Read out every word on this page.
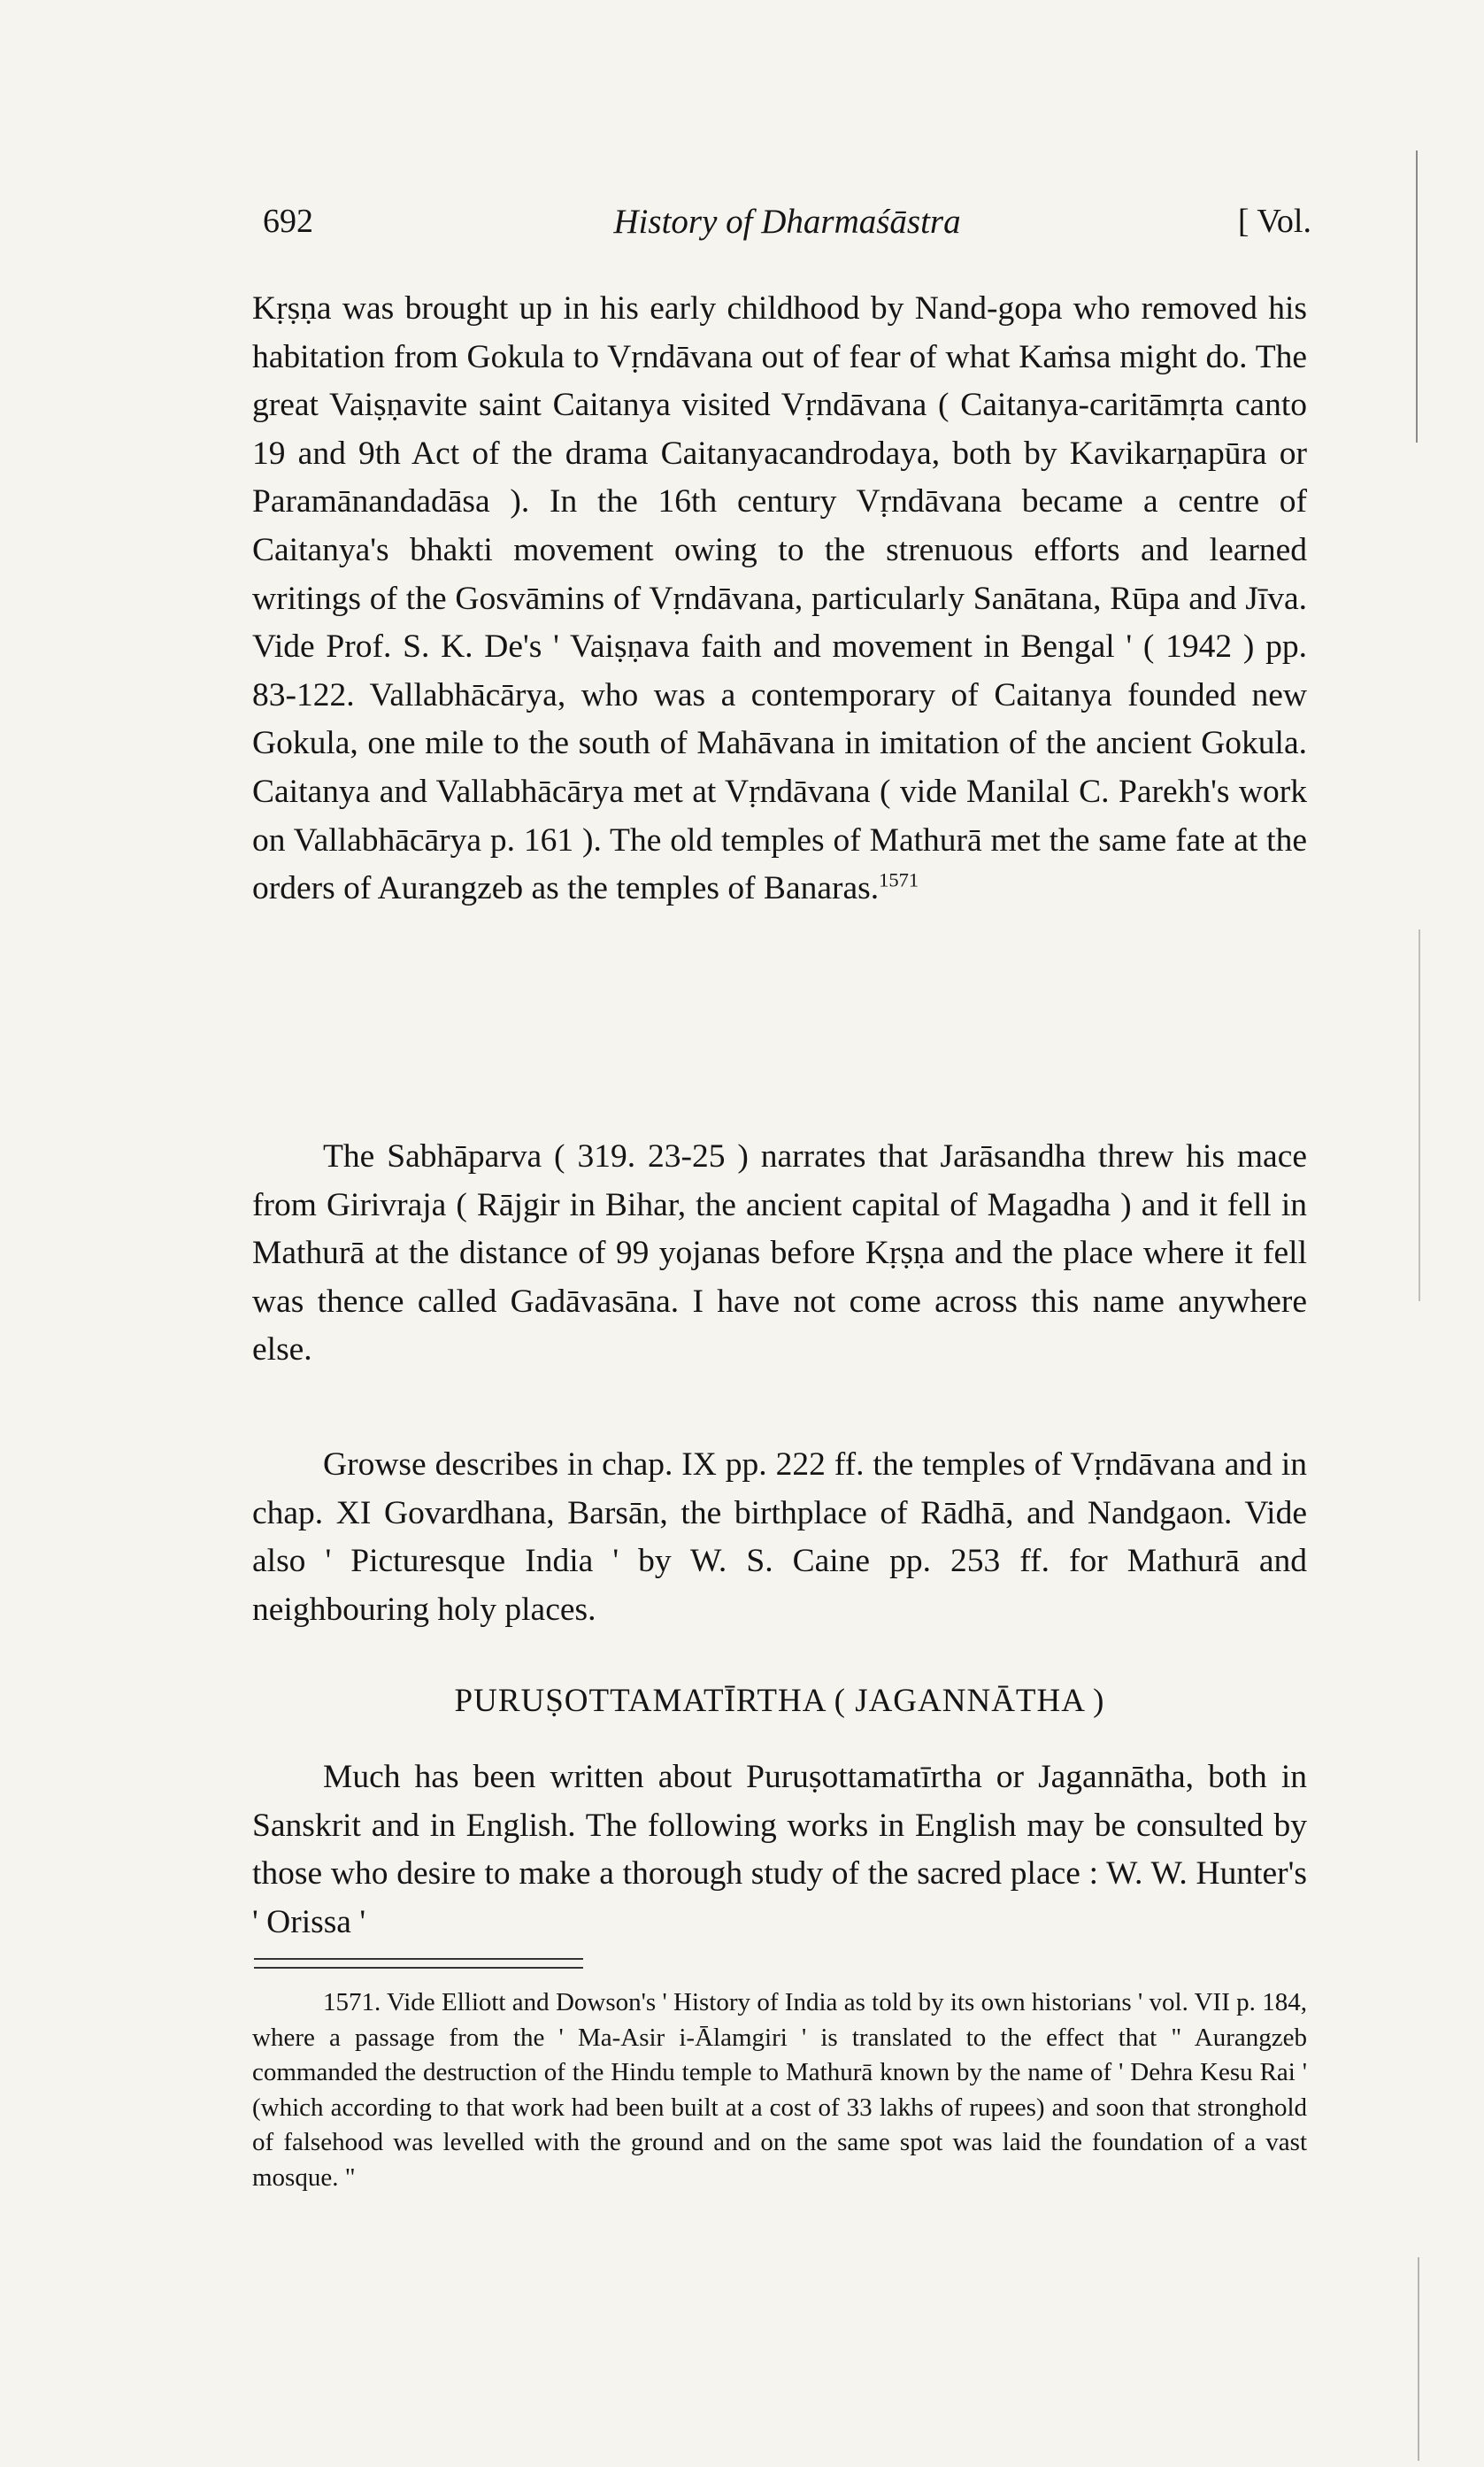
692	History of Dharmaśāstra	[ Vol.
Kṛṣṇa was brought up in his early childhood by Nand-gopa who removed his habitation from Gokula to Vṛndāvana out of fear of what Kaṁsa might do. The great Vaiṣṇavite saint Caitanya visited Vṛndāvana ( Caitanya-caritāmṛta canto 19 and 9th Act of the drama Caitanyacandrodaya, both by Kavikarṇapūra or Paramānandadāsa ). In the 16th century Vṛndāvana became a centre of Caitanya's bhakti movement owing to the strenuous efforts and learned writings of the Gosvāmins of Vṛndāvana, particularly Sanātana, Rūpa and Jīva. Vide Prof. S. K. De's ' Vaiṣṇava faith and movement in Bengal ' ( 1942 ) pp. 83-122. Vallabhācārya, who was a contemporary of Caitanya founded new Gokula, one mile to the south of Mahāvana in imitation of the ancient Gokula. Caitanya and Vallabhācārya met at Vṛndāvana ( vide Manilal C. Parekh's work on Vallabhācārya p. 161 ). The old temples of Mathurā met the same fate at the orders of Aurangzeb as the temples of Banaras.$^{1571}$
The Sabhāparva ( 319. 23-25 ) narrates that Jarāsandha threw his mace from Girivraja ( Rājgir in Bihar, the ancient capital of Magadha ) and it fell in Mathurā at the distance of 99 yojanas before Kṛṣṇa and the place where it fell was thence called Gadāvasāna. I have not come across this name anywhere else.
Growse describes in chap. IX pp. 222 ff. the temples of Vṛndāvana and in chap. XI Govardhana, Barsān, the birthplace of Rādhā, and Nandgaon. Vide also ' Picturesque India ' by W. S. Caine pp. 253 ff. for Mathurā and neighbouring holy places.
PURUṢOTTAMATĪRTHA ( JAGANNĀTHA )
Much has been written about Puruṣottamatīrtha or Jagannātha, both in Sanskrit and in English. The following works in English may be consulted by those who desire to make a thorough study of the sacred place : W. W. Hunter's ' Orissa '
1571. Vide Elliott and Dowson's ' History of India as told by its own historians ' vol. VII p. 184, where a passage from the ' Ma-Asir i-Ālamgiri ' is translated to the effect that " Aurangzeb commanded the destruction of the Hindu temple to Mathurā known by the name of ' Dehra Kesu Rai ' (which according to that work had been built at a cost of 33 lakhs of rupees) and soon that stronghold of falsehood was levelled with the ground and on the same spot was laid the foundation of a vast mosque. "
